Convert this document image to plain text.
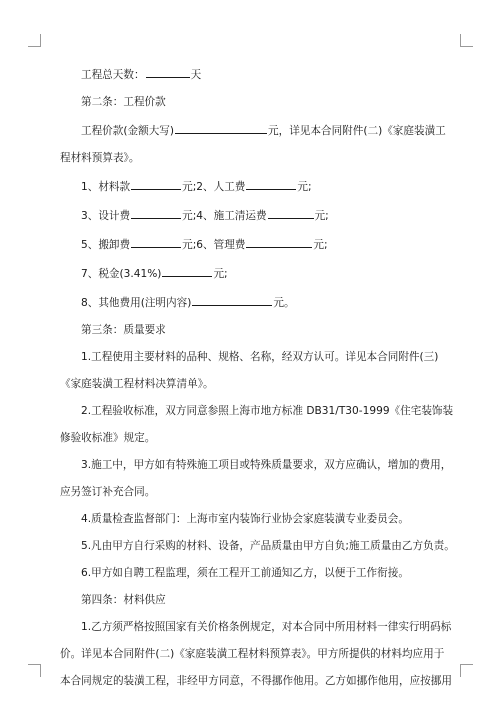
工程总天数：	天

第二条：工程价款

工程价款(金额大写)	元，详见本合同附件(二)《家庭装潢工

程材料预算表》。

1、材料款	元;2、人工费	元;

3、设计费	元;4、施工清运费	元;

5、搬卸费	元;6、管理费	元;

7、税金(3.41%)	元;

8、其他费用(注明内容)	元。

第三条：质量要求

1.工程使用主要材料的品种、规格、名称，经双方认可。详见本合同附件(三)

《家庭装潢工程材料决算清单》。

2.工程验收标准，双方同意参照上海市地方标准 DB31/T30-1999《住宅装饰装

修验收标准》规定。

3.施工中，甲方如有特殊施工项目或特殊质量要求，双方应确认，增加的费用，

应另签订补充合同。

4.质量检查监督部门：上海市室内装饰行业协会家庭装潢专业委员会。

5.凡由甲方自行采购的材料、设备，产品质量由甲方自负;施工质量由乙方负责。

6.甲方如自聘工程监理，须在工程开工前通知乙方，以便于工作衔接。

第四条：材料供应

1.乙方须严格按照国家有关价格条例规定，对本合同中所用材料一律实行明码标

价。详见本合同附件(二)《家庭装潢工程材料预算表》。甲方所提供的材料均应用于

本合同规定的装潢工程，非经甲方同意，不得挪作他用。乙方如挪作他用，应按挪用
